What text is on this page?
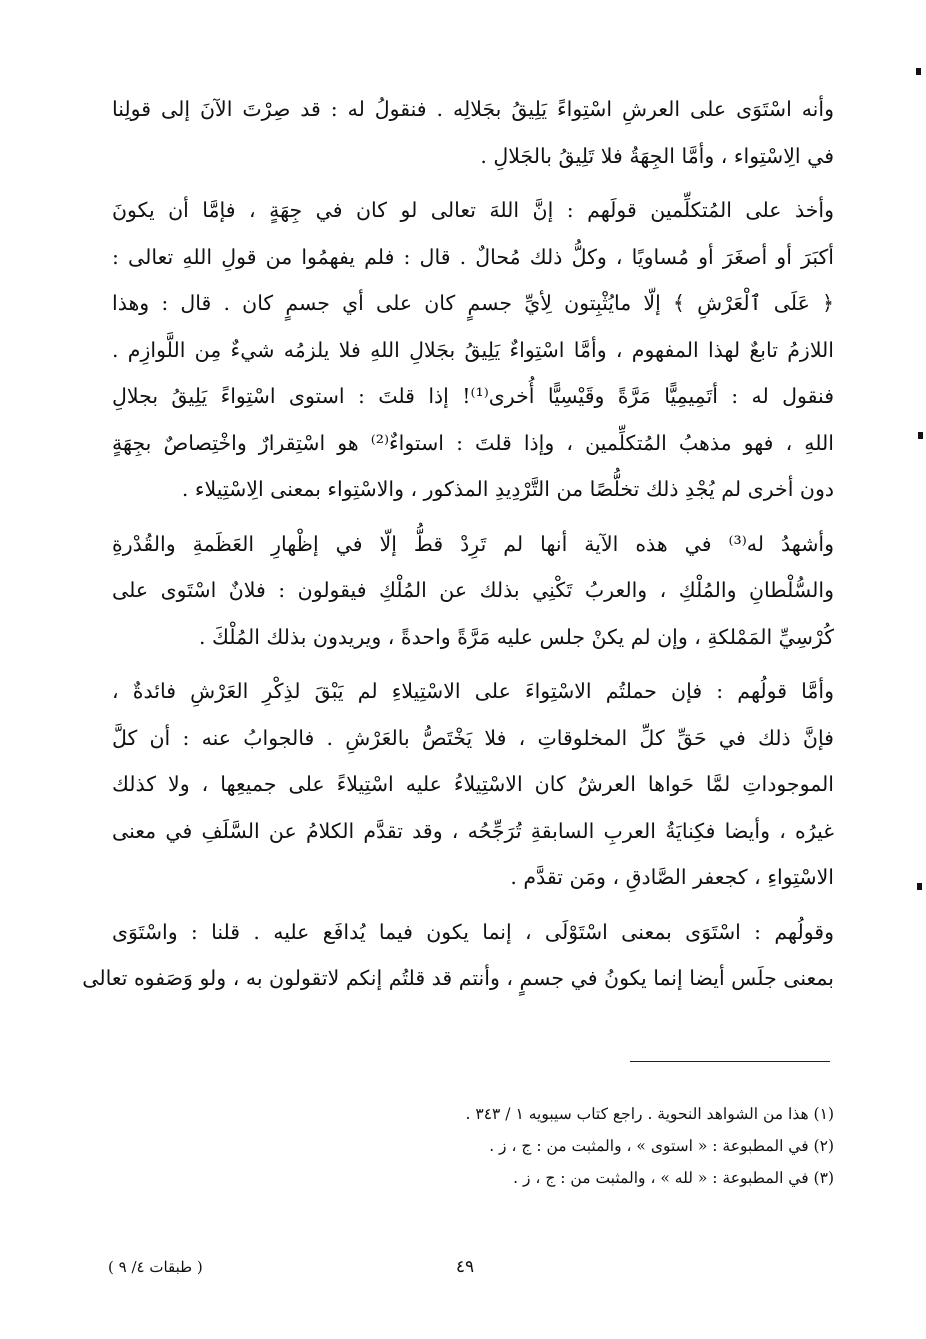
وأنه اسْتَوَى على العرشِ اسْتِواءً يَلِيقُ بجَلالِه . فنقولُ له : قد صِرْتَ الآنَ إلى قولِنا
في الِاسْتِواء ، وأمَّا الجِهَةُ فلا تَلِيقُ بالجَلالِ .
وأخذ على المُتكلِّمين قولَهم : إنَّ اللهَ تعالى لو كان في جِهَةٍ ، فإمَّا أن يكونَ
أكبَرَ أو أصغَرَ أو مُساويًا ، وكلُّ ذلك مُحالٌ . قال : فلم يفهمُوا من قولِ اللهِ تعالى :
﴿ عَلَى ٱلْعَرْشِ ﴾ إلّا مايُثْبِتون لِأيِّ جسمٍ كان على أي جسمٍ كان . قال : وهذا
اللازمُ تابعٌ لهذا المفهوم ، وأمَّا اسْتِواءٌ يَلِيقُ بجَلالِ اللهِ فلا يلزمُه شيءٌ مِن اللَّوازِم .
فنقول له : أتَمِيمِيًّا مَرَّةً وقَيْسِيًّا أُخرى⁽¹⁾! إذا قلتَ : استوى اسْتِواءً يَلِيقُ بجلالِ
اللهِ ، فهو مذهبُ المُتكلِّمين ، وإذا قلتَ : استواءٌ⁽²⁾ هو اسْتِقرارٌ واخْتِصاصٌ بجِهَةٍ
دون أخرى لم يُجْدِ ذلك تخلُّصًا من التَّرْدِيدِ المذكور ، والاسْتِواء بمعنى الِاسْتِيلاء .
وأشهدُ له⁽³⁾ في هذه الآية أنها لم تَرِدْ قطُّ إلّا في إظْهارِ العَظَمةِ والقُدْرةِ
والسُّلْطانِ والمُلْكِ ، والعربُ تَكْنِي بذلك عن المُلْكِ فيقولون : فلانٌ اسْتَوى على
كُرْسِيِّ المَمْلكةِ ، وإن لم يكنْ جلس عليه مَرَّةً واحدةً ، ويريدون بذلك المُلْكَ .
وأمَّا قولُهم : فإن حملتُم الاسْتِواءَ على الاسْتِيلاءِ لم يَبْقَ لذِكْرِ العَرْشِ فائدةٌ ،
فإنَّ ذلك في حَقِّ كلِّ المخلوقاتِ ، فلا يَخْتَصُّ بالعَرْشِ . فالجوابُ عنه : أن كلَّ
الموجوداتِ لمَّا حَواها العرشُ كان الاسْتِيلاءُ عليه اسْتِيلاءً على جميعِها ، ولا كذلك
غيرُه ، وأيضا فكِنايَةُ العربِ السابقةِ تُرَجِّحُه ، وقد تقدَّم الكلامُ عن السَّلَفِ في معنى
الاسْتِواءِ ، كجعفر الصَّادقِ ، ومَن تقدَّم .
وقولُهم : اسْتَوَى بمعنى اسْتَوْلَى ، إنما يكون فيما يُدافَع عليه . قلنا : واسْتَوَى
بمعنى جلَس أيضا إنما يكونُ في جسمٍ ، وأنتم قد قلتُم إنكم لاتقولون به ، ولو وَصَفوه تعالى
(١) هذا من الشواهد النحوية . راجع كتاب سيبويه ١ / ٣٤٣ .
(٢) في المطبوعة : « استوى » ، والمثبت من : ج ، ز .
(٣) في المطبوعة : « لله » ، والمثبت من : ج ، ز .
٤٩
( طبقات ٤/ ٩ )
